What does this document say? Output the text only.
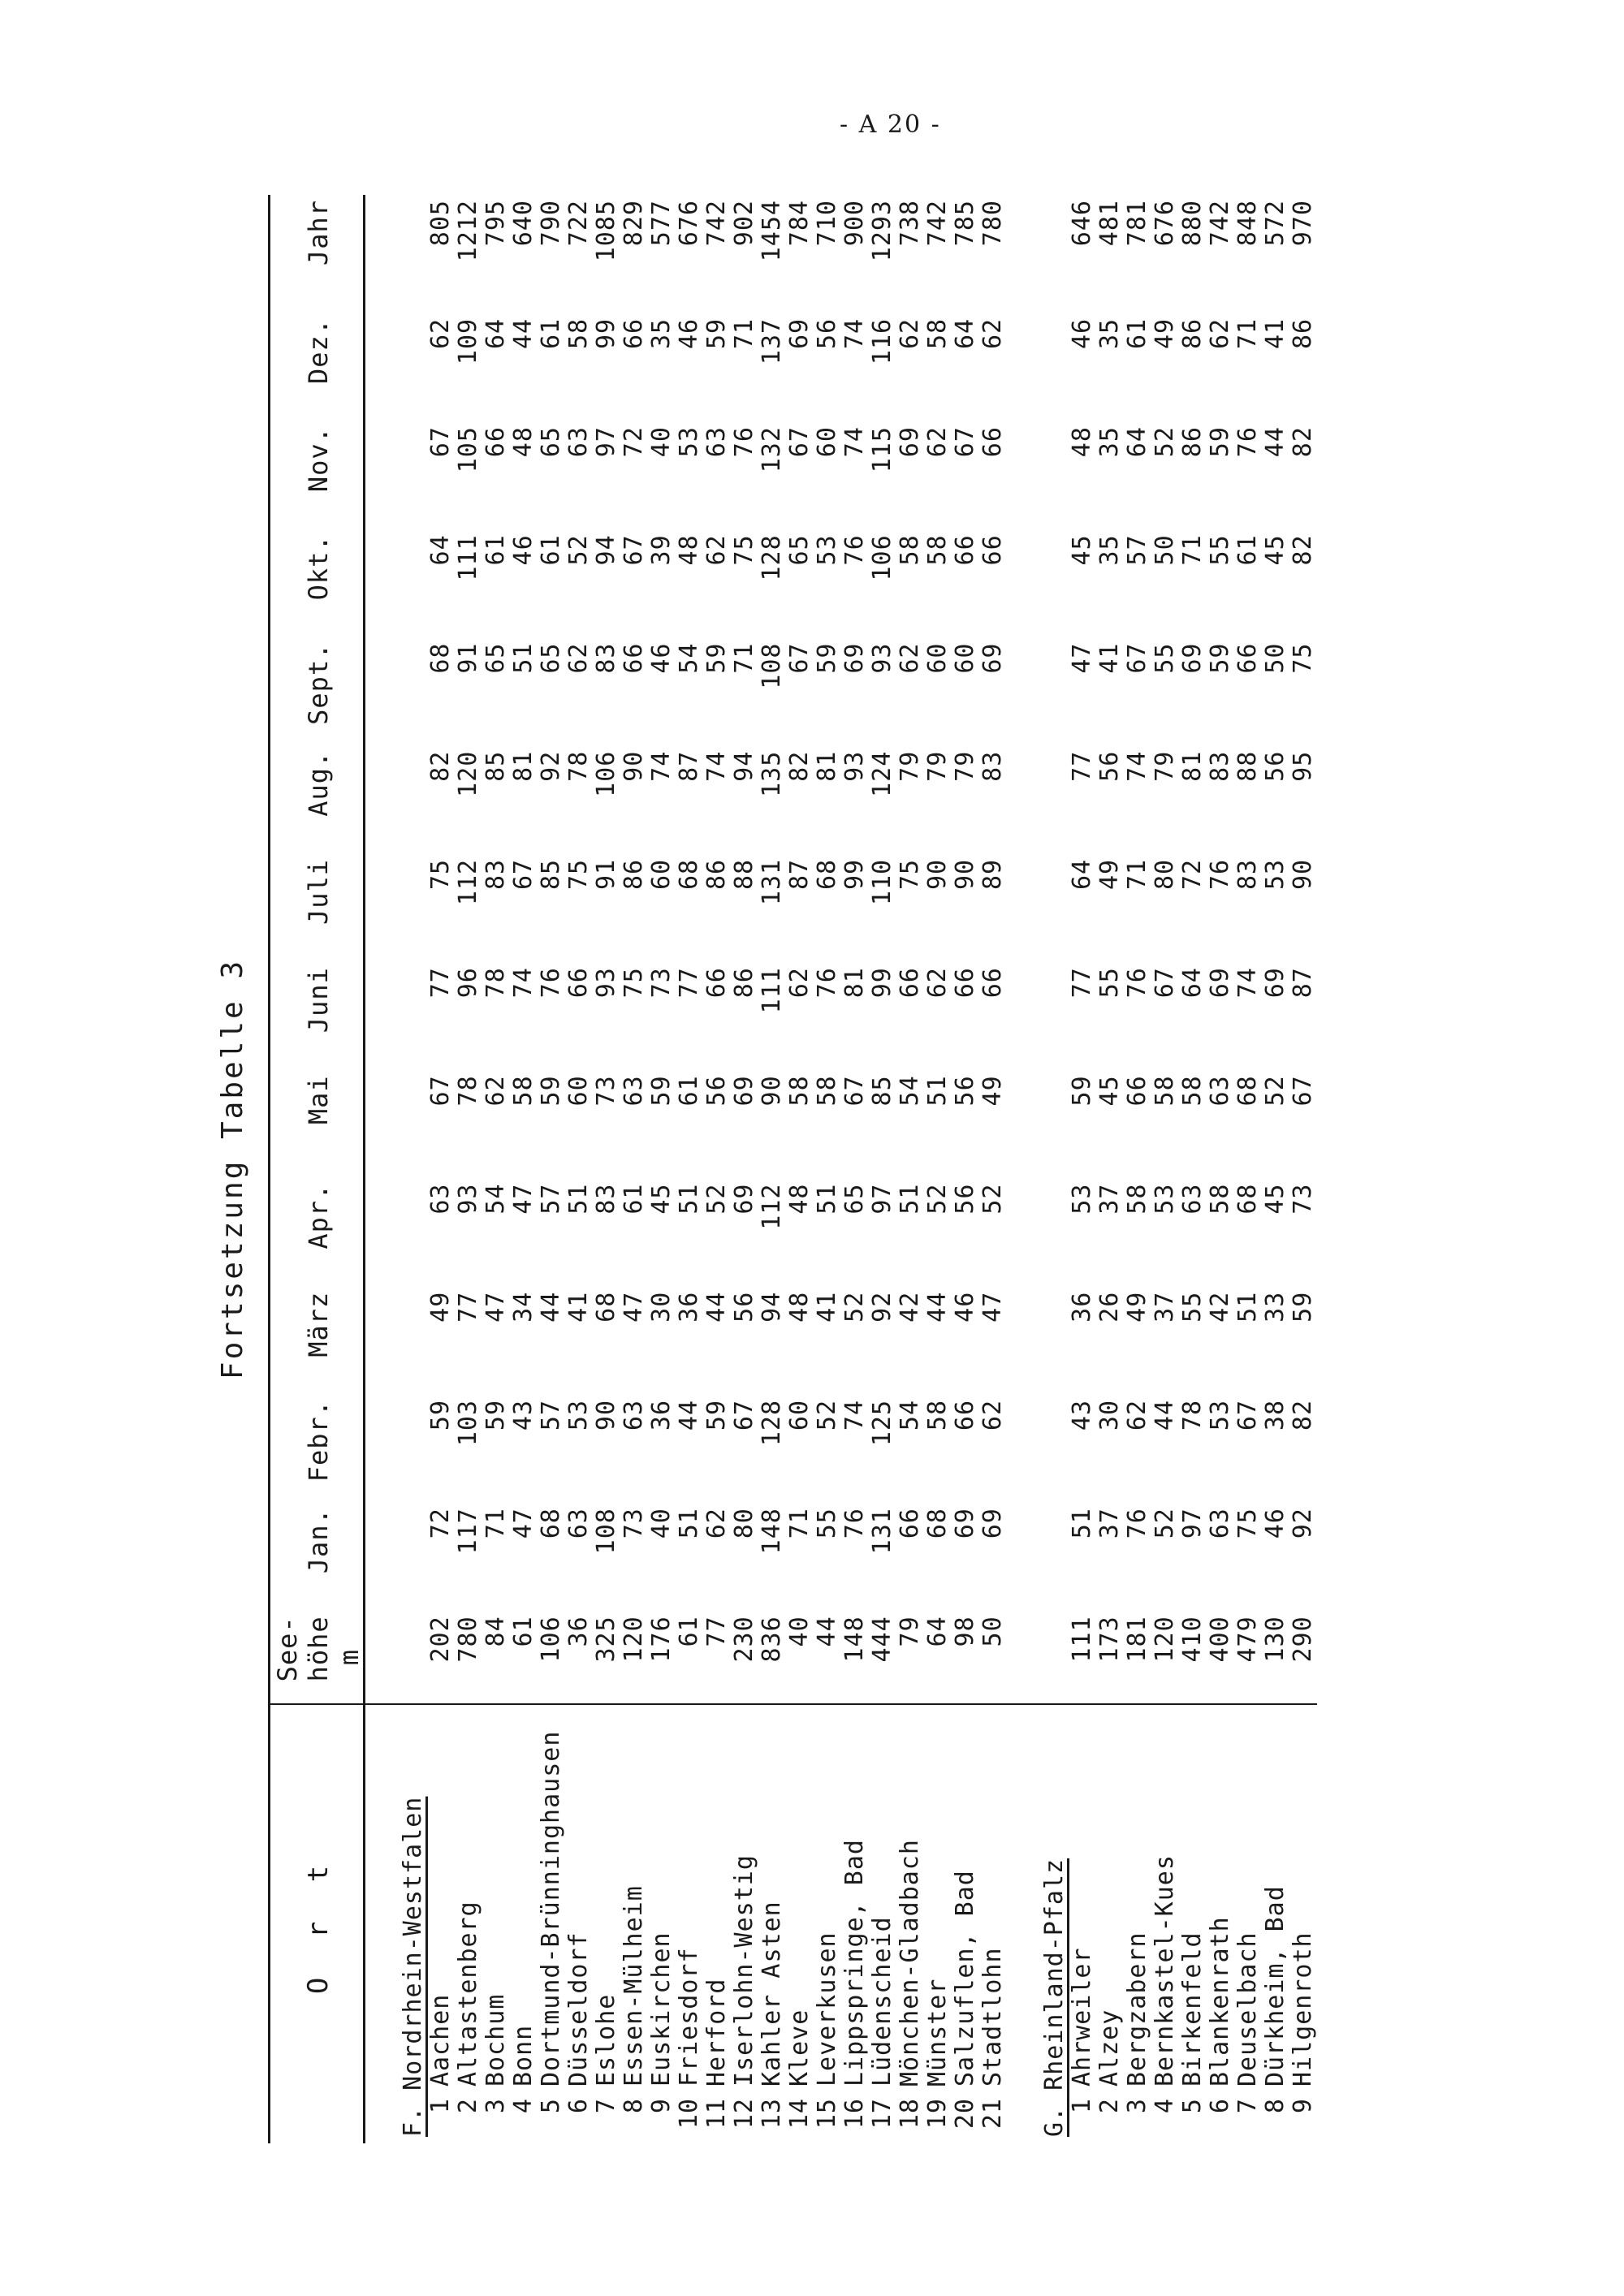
- A 20 -
Fortsetzung Tabelle 3
	See-													
O r t	höhe	Jan.	Febr.	März	Apr.	Mai	Juni	Juli	Aug.	Sept.	Okt.	Nov.	Dez.	Jahr
	m													
F. Nordrhein-Westfalen														
1Aachen	202	72	59	49	63	67	77	75	82	68	64	67	62	805
2Altastenberg	780	117	103	77	93	78	96	112	120	91	111	105	109	1212
3Bochum	84	71	59	47	54	62	78	83	85	65	61	66	64	795
4Bonn	61	47	43	34	47	58	74	67	81	51	46	48	44	640
5Dortmund-Brünninghausen	106	68	57	44	57	59	76	85	92	65	61	65	61	790
6Düsseldorf	36	63	53	41	51	60	66	75	78	62	52	63	58	722
7Eslohe	325	108	90	68	83	73	93	91	106	83	94	97	99	1085
8Essen-Mülheim	120	73	63	47	61	63	75	86	90	66	67	72	66	829
9Euskirchen	176	40	36	30	45	59	73	60	74	46	39	40	35	577
10Friesdorf	61	51	44	36	51	61	77	68	87	54	48	53	46	676
11Herford	77	62	59	44	52	56	66	86	74	59	62	63	59	742
12Iserlohn-Westig	230	80	67	56	69	69	86	88	94	71	75	76	71	902
13Kahler Asten	836	148	128	94	112	90	111	131	135	108	128	132	137	1454
14Kleve	40	71	60	48	48	58	62	87	82	67	65	67	69	784
15Leverkusen	44	55	52	41	51	58	76	68	81	59	53	60	56	710
16Lippspringe, Bad	148	76	74	52	65	67	81	99	93	69	76	74	74	900
17Lüdenscheid	444	131	125	92	97	85	99	110	124	93	106	115	116	1293
18Mönchen-Gladbach	79	66	54	42	51	54	66	75	79	62	58	69	62	738
19Münster	64	68	58	44	52	51	62	90	79	60	58	62	58	742
20Salzuflen, Bad	98	69	66	46	56	56	66	90	79	60	66	67	64	785
21Stadtlohn	50	69	62	47	52	49	66	89	83	69	66	66	62	780
G. Rheinland-Pfalz														
1Ahrweiler	111	51	43	36	53	59	77	64	77	47	45	48	46	646
2Alzey	173	37	30	26	37	45	55	49	56	41	35	35	35	481
3Bergzabern	181	76	62	49	58	66	76	71	74	67	57	64	61	781
4Bernkastel-Kues	120	52	44	37	53	58	67	80	79	55	50	52	49	676
5Birkenfeld	410	97	78	55	63	58	64	72	81	69	71	86	86	880
6Blankenrath	400	63	53	42	58	63	69	76	83	59	55	59	62	742
7Deuselbach	479	75	67	51	68	68	74	83	88	66	61	76	71	848
8Dürkheim, Bad	130	46	38	33	45	52	69	53	56	50	45	44	41	572
9Hilgenroth	290	92	82	59	73	67	87	90	95	75	82	82	86	970
